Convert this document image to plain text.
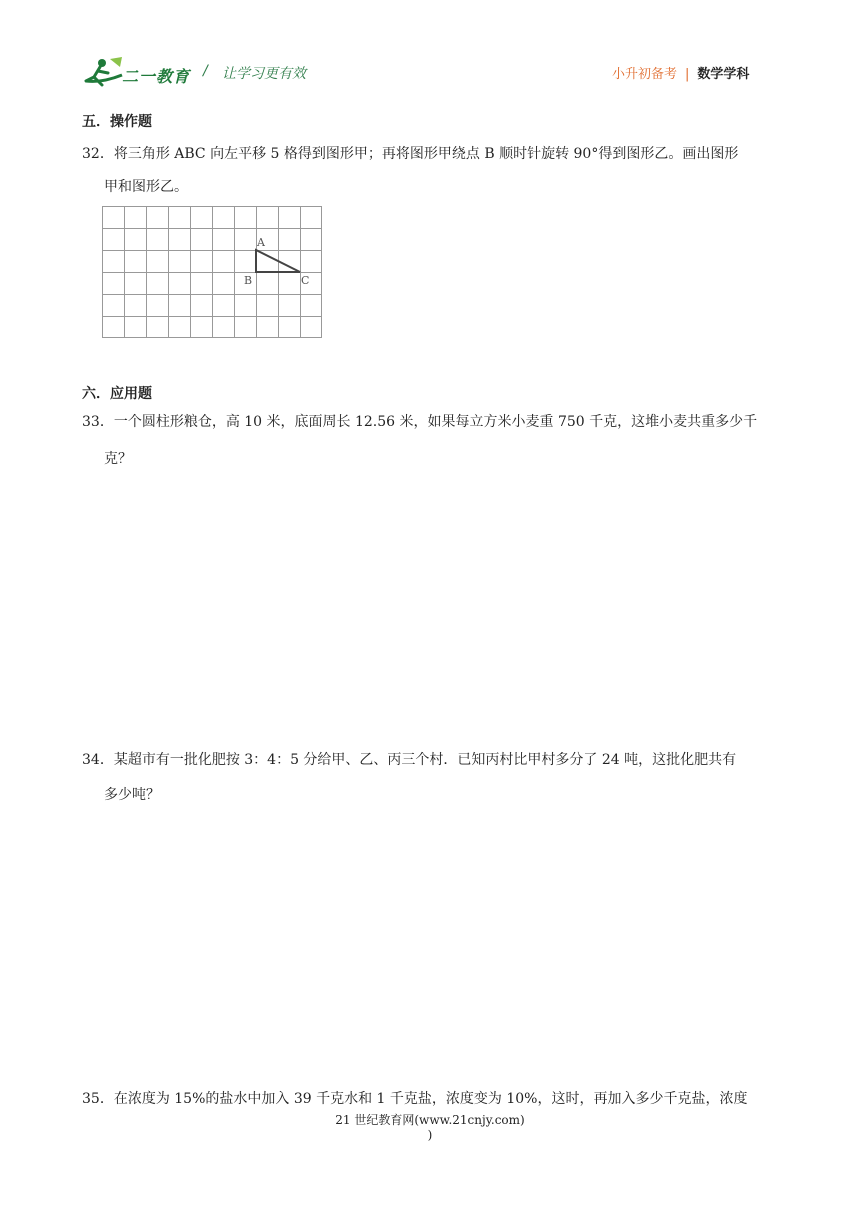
二一教育 / 让学习更有效	小升初备考 | 数学学科
五．操作题
32．将三角形 ABC 向左平移 5 格得到图形甲；再将图形甲绕点 B 顺时针旋转 90°得到图形乙。画出图形
甲和图形乙。
A
B	C
六．应用题
33．一个圆柱形粮仓，高 10 米，底面周长 12.56 米，如果每立方米小麦重 750 千克，这堆小麦共重多少千
克？
34．某超市有一批化肥按 3：4：5 分给甲、乙、丙三个村．已知丙村比甲村多分了 24 吨，这批化肥共有
多少吨？
35．在浓度为 15%的盐水中加入 39 千克水和 1 千克盐，浓度变为 10%，这时，再加入多少千克盐，浓度
21 世纪教育网(www.21cnjy.com)
)
